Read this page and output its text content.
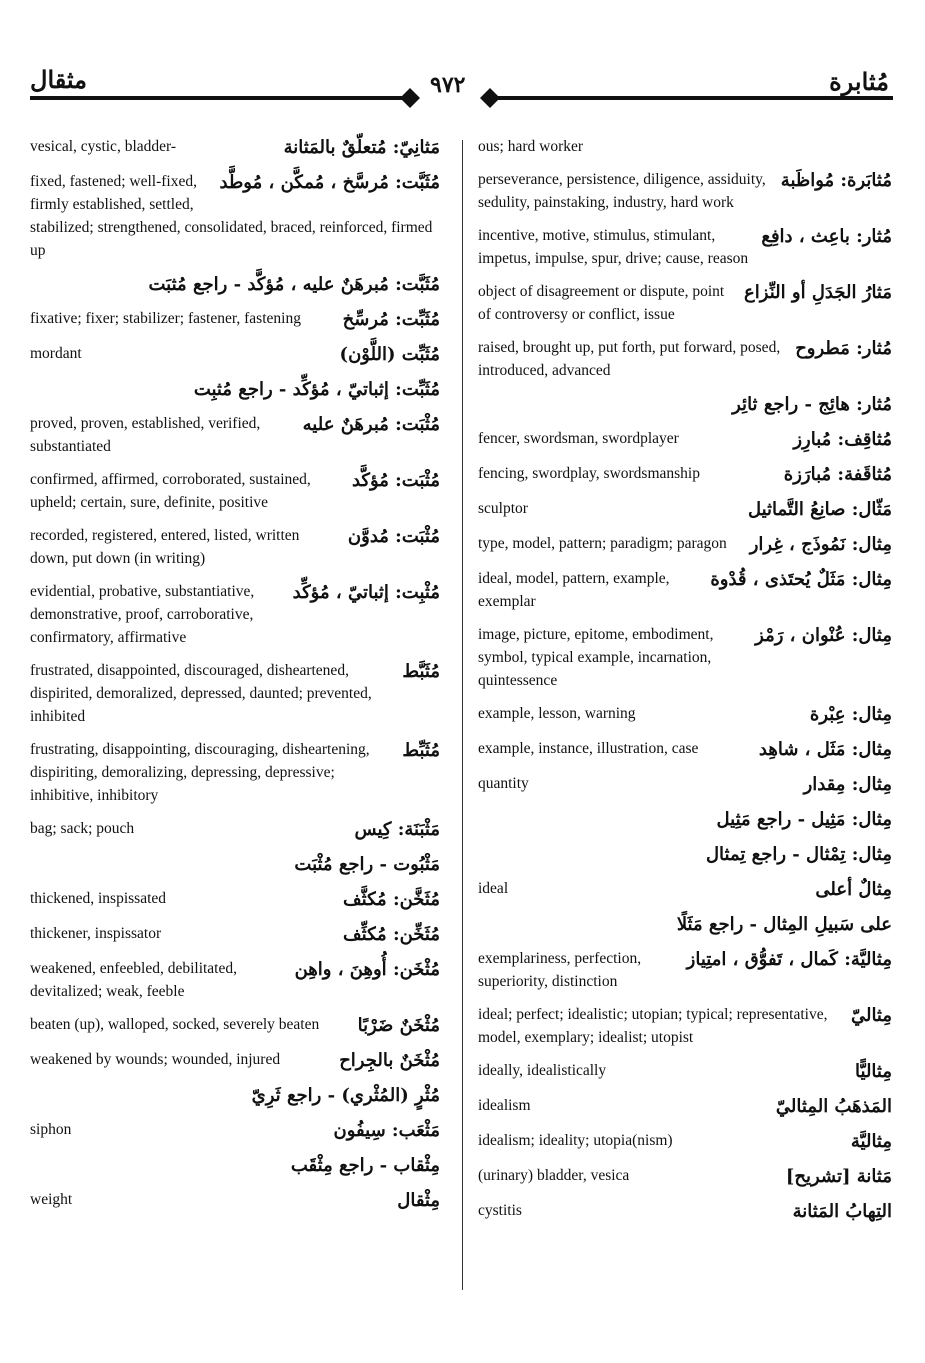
مثقال	٩٧٢	مُثابرة
مَثانِيّ: مُتعلّقٌ بالمَثانة
vesical, cystic, bladder-
مُثَبَّت: مُرسَّخ ، مُمكَّن ، مُوطَّد
fixed, fastened; well-fixed, firmly established, settled, stabilized; strengthened, consolidated, braced, reinforced, firmed up
مُثَبَّت: مُبرهَنٌ عليه ، مُؤكَّد - راجع مُثبَت
مُثَبِّت: مُرسِّخ
fixative; fixer; stabilizer; fastener, fastening
مُثَبِّت (اللَّوْن)
mordant
مُثَبِّت: إثباتيّ ، مُؤكِّد - راجع مُثبِت
مُثْبَت: مُبرهَنٌ عليه
proved, proven, established, verified, substantiated
مُثْبَت: مُؤكَّد
confirmed, affirmed, corroborated, sustained, upheld; certain, sure, definite, positive
مُثْبَت: مُدوَّن
recorded, registered, entered, listed, written down, put down (in writing)
مُثْبِت: إثباتيّ ، مُؤكِّد
evidential, probative, substantiative, demonstrative, proof, carroborative, confirmatory, affirmative
مُثَبَّط
frustrated, disappointed, discouraged, disheartened, dispirited, demoralized, depressed, daunted; prevented, inhibited
مُثَبِّط
frustrating, disappointing, discouraging, disheartening, dispiriting, demoralizing, depressing, depressive; inhibitive, inhibitory
مَثْبَنَة: كِيس
bag; sack; pouch
مَثْبُوت - راجع مُثْبَت
مُثَخَّن: مُكثَّف
thickened, inspissated
مُثَخِّن: مُكثِّف
thickener, inspissator
مُثْخَن: أُوهِنَ ، واهِن
weakened, enfeebled, debilitated, devitalized; weak, feeble
مُثْخَنٌ ضَرْبًا
beaten (up), walloped, socked, severely beaten
مُثْخَنٌ بالجِراح
weakened by wounds; wounded, injured
مُثْرٍ (المُثْري) - راجع ثَرِيّ
مَثْعَب: سِيفُون
siphon
مِثْقاب - راجع مِثْقَب
مِثْقال
weight
ous; hard worker
مُثابَرة: مُواظَبة
perseverance, persistence, diligence, assiduity, sedulity, painstaking, industry, hard work
مُثار: باعِث ، دافِع
incentive, motive, stimulus, stimulant, impetus, impulse, spur, drive; cause, reason
مَثارُ الجَدَلِ أو النِّزاع
object of disagreement or dispute, point of controversy or conflict, issue
مُثار: مَطروح
raised, brought up, put forth, put forward, posed, introduced, advanced
مُثار: هائِج - راجع ثائِر
مُثاقِف: مُبارِز
fencer, swordsman, swordplayer
مُثاقَفة: مُبارَزة
fencing, swordplay, swordsmanship
مَثّال: صانِعُ التَّماثيل
sculptor
مِثال: نَمُوذَج ، غِرار
type, model, pattern; paradigm; paragon
مِثال: مَثَلٌ يُحتَذى ، قُدْوة
ideal, model, pattern, example, exemplar
مِثال: عُنْوان ، رَمْز
image, picture, epitome, embodiment, symbol, typical example, incarnation, quintessence
مِثال: عِبْرة
example, lesson, warning
مِثال: مَثَل ، شاهِد
example, instance, illustration, case
مِثال: مِقدار
quantity
مِثال: مَثِيل - راجع مَثِيل
مِثال: تِمْثال - راجع تِمثال
مِثالٌ أعلى
ideal
على سَبيلِ المِثال - راجع مَثَلًا
مِثاليَّة: كَمال ، تَفوُّق ، امتِياز
exemplariness, perfection, superiority, distinction
مِثاليّ
ideal; perfect; idealistic; utopian; typical; representative, model, exemplary; idealist; utopist
مِثاليًّا
ideally, idealistically
المَذهَبُ المِثاليّ
idealism
مِثاليَّة
idealism; ideality; utopia(nism)
مَثانة [تشريح]
(urinary) bladder, vesica
التِهابُ المَثانة
cystitis
